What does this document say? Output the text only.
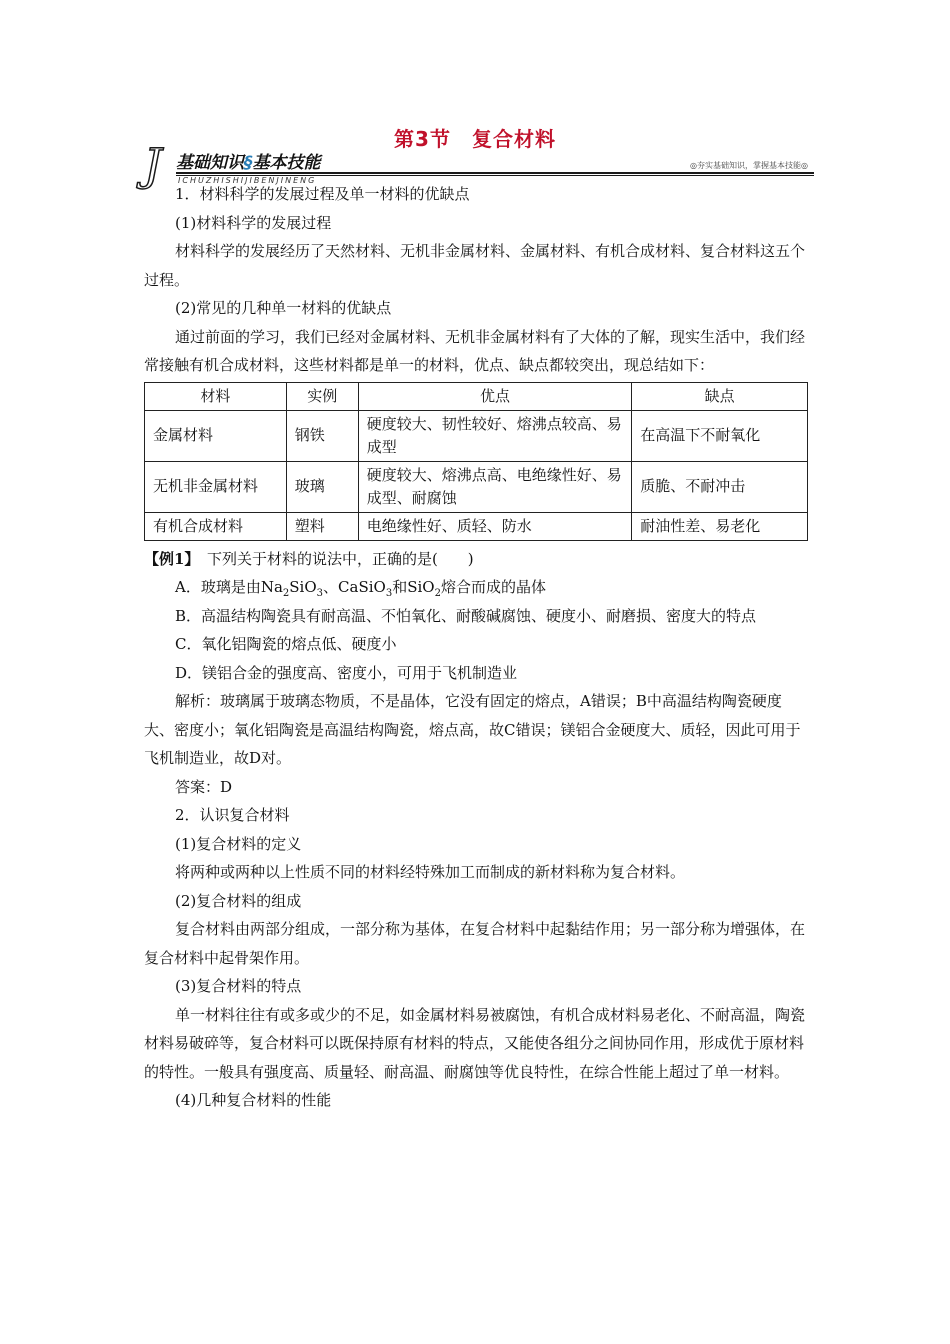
第3节　复合材料
J 基础知识§基本技能
ICHUZHISHIJIBENJINENG
◎夯实基础知识，掌握基本技能◎

1．材料科学的发展过程及单一材料的优缺点

(1)材料科学的发展过程

材料科学的发展经历了天然材料、无机非金属材料、金属材料、有机合成材料、复合材料这五个过程。

(2)常见的几种单一材料的优缺点

通过前面的学习，我们已经对金属材料、无机非金属材料有了大体的了解，现实生活中，我们经常接触有机合成材料，这些材料都是单一的材料，优点、缺点都较突出，现总结如下：

材料	实例	优点	缺点
金属材料	钢铁	硬度较大、韧性较好、熔沸点较高、易成型	在高温下不耐氧化
无机非金属材料	玻璃	硬度较大、熔沸点高、电绝缘性好、易成型、耐腐蚀	质脆、不耐冲击
有机合成材料	塑料	电绝缘性好、质轻、防水	耐油性差、易老化

【例1】　 下列关于材料的说法中，正确的是(　　)

A．玻璃是由$Na_2SiO_3$、CaSiO$_3$和SiO$_2$熔合而成的晶体

B．高温结构陶瓷具有耐高温、不怕氧化、耐酸碱腐蚀、硬度小、耐磨损、密度大的特点

C．氧化铝陶瓷的熔点低、硬度小

D．镁铝合金的强度高、密度小，可用于飞机制造业

解析：玻璃属于玻璃态物质，不是晶体，它没有固定的熔点，A错误；B中高温结构陶瓷硬度大、密度小；氧化铝陶瓷是高温结构陶瓷，熔点高，故C错误；镁铝合金硬度大、质轻，因此可用于飞机制造业，故D对。

答案：D

2．认识复合材料

(1)复合材料的定义

将两种或两种以上性质不同的材料经特殊加工而制成的新材料称为复合材料。

(2)复合材料的组成

复合材料由两部分组成，一部分称为基体，在复合材料中起黏结作用；另一部分称为增强体，在复合材料中起骨架作用。

(3)复合材料的特点

单一材料往往有或多或少的不足，如金属材料易被腐蚀，有机合成材料易老化、不耐高温，陶瓷材料易破碎等，复合材料可以既保持原有材料的特点，又能使各组分之间协同作用，形成优于原材料的特性。一般具有强度高、质量轻、耐高温、耐腐蚀等优良特性，在综合性能上超过了单一材料。

(4)几种复合材料的性能
